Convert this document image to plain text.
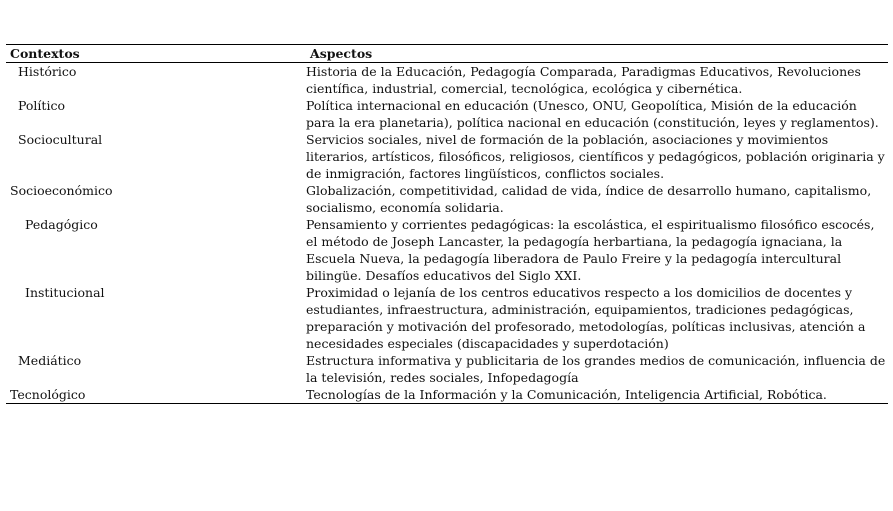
Contextos	Aspectos
Histórico	Historia de la Educación, Pedagogía Comparada, Paradigmas Educativos, Revoluciones científica, industrial, comercial, tecnológica, ecológica y cibernética.
Político	Política internacional en educación (Unesco, ONU, Geopolítica, Misión de la educación para la era planetaria), política nacional en educación (constitución, leyes y reglamentos).
Sociocultural	Servicios sociales, nivel de formación de la población, asociaciones y movimientos literarios, artísticos, filosóficos, religiosos, científicos y pedagógicos, población originaria y de inmigración, factores lingüísticos, conflictos sociales.
Socioeconómico	Globalización, competitividad, calidad de vida, índice de desarrollo humano, capitalismo, socialismo, economía solidaria.
Pedagógico	Pensamiento y corrientes pedagógicas: la escolástica, el espiritualismo filosófico escocés, el método de Joseph Lancaster, la pedagogía herbartiana, la pedagogía ignaciana, la Escuela Nueva, la pedagogía liberadora de Paulo Freire y la pedagogía intercultural bilingüe. Desafíos educativos del Siglo XXI.
Institucional	Proximidad o lejanía de los centros educativos respecto a los domicilios de docentes y estudiantes, infraestructura, administración, equipamientos, tradiciones pedagógicas, preparación y motivación del profesorado, metodologías, políticas inclusivas, atención a necesidades especiales (discapacidades y superdotación)
Mediático	Estructura informativa y publicitaria de los grandes medios de comunicación, influencia de la televisión, redes sociales, Infopedagogía
Tecnológico	Tecnologías de la Información y la Comunicación, Inteligencia Artificial, Robótica.
